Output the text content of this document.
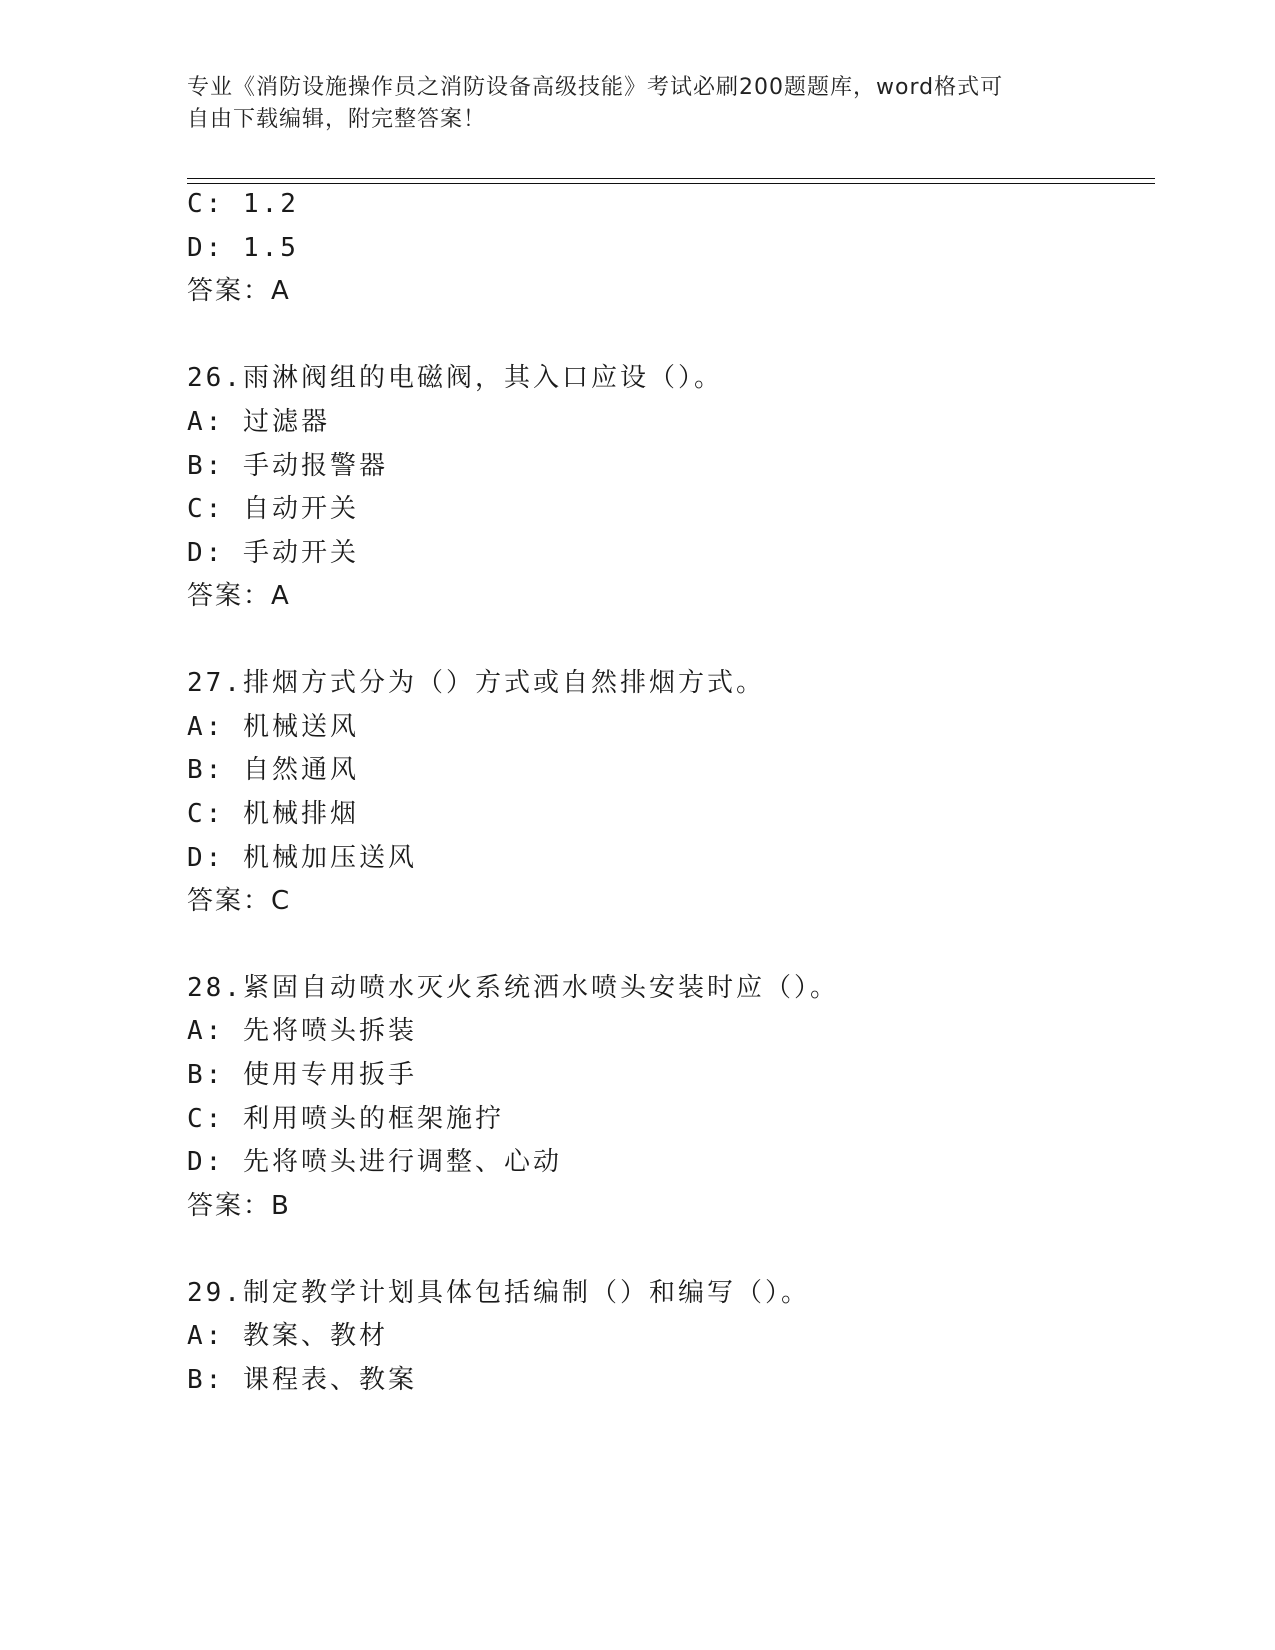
专业《消防设施操作员之消防设备高级技能》考试必刷200题题库，word格式可
自由下载编辑，附完整答案！
C: 1.2
D: 1.5
答案：A
26.雨淋阀组的电磁阀，其入口应设（）。
A: 过滤器
B: 手动报警器
C: 自动开关
D: 手动开关
答案：A
27.排烟方式分为（）方式或自然排烟方式。
A: 机械送风
B: 自然通风
C: 机械排烟
D: 机械加压送风
答案：C
28.紧固自动喷水灭火系统洒水喷头安装时应（）。
A: 先将喷头拆装
B: 使用专用扳手
C: 利用喷头的框架施拧
D: 先将喷头进行调整、心动
答案：B
29.制定教学计划具体包括编制（）和编写（）。
A: 教案、教材
B: 课程表、教案
